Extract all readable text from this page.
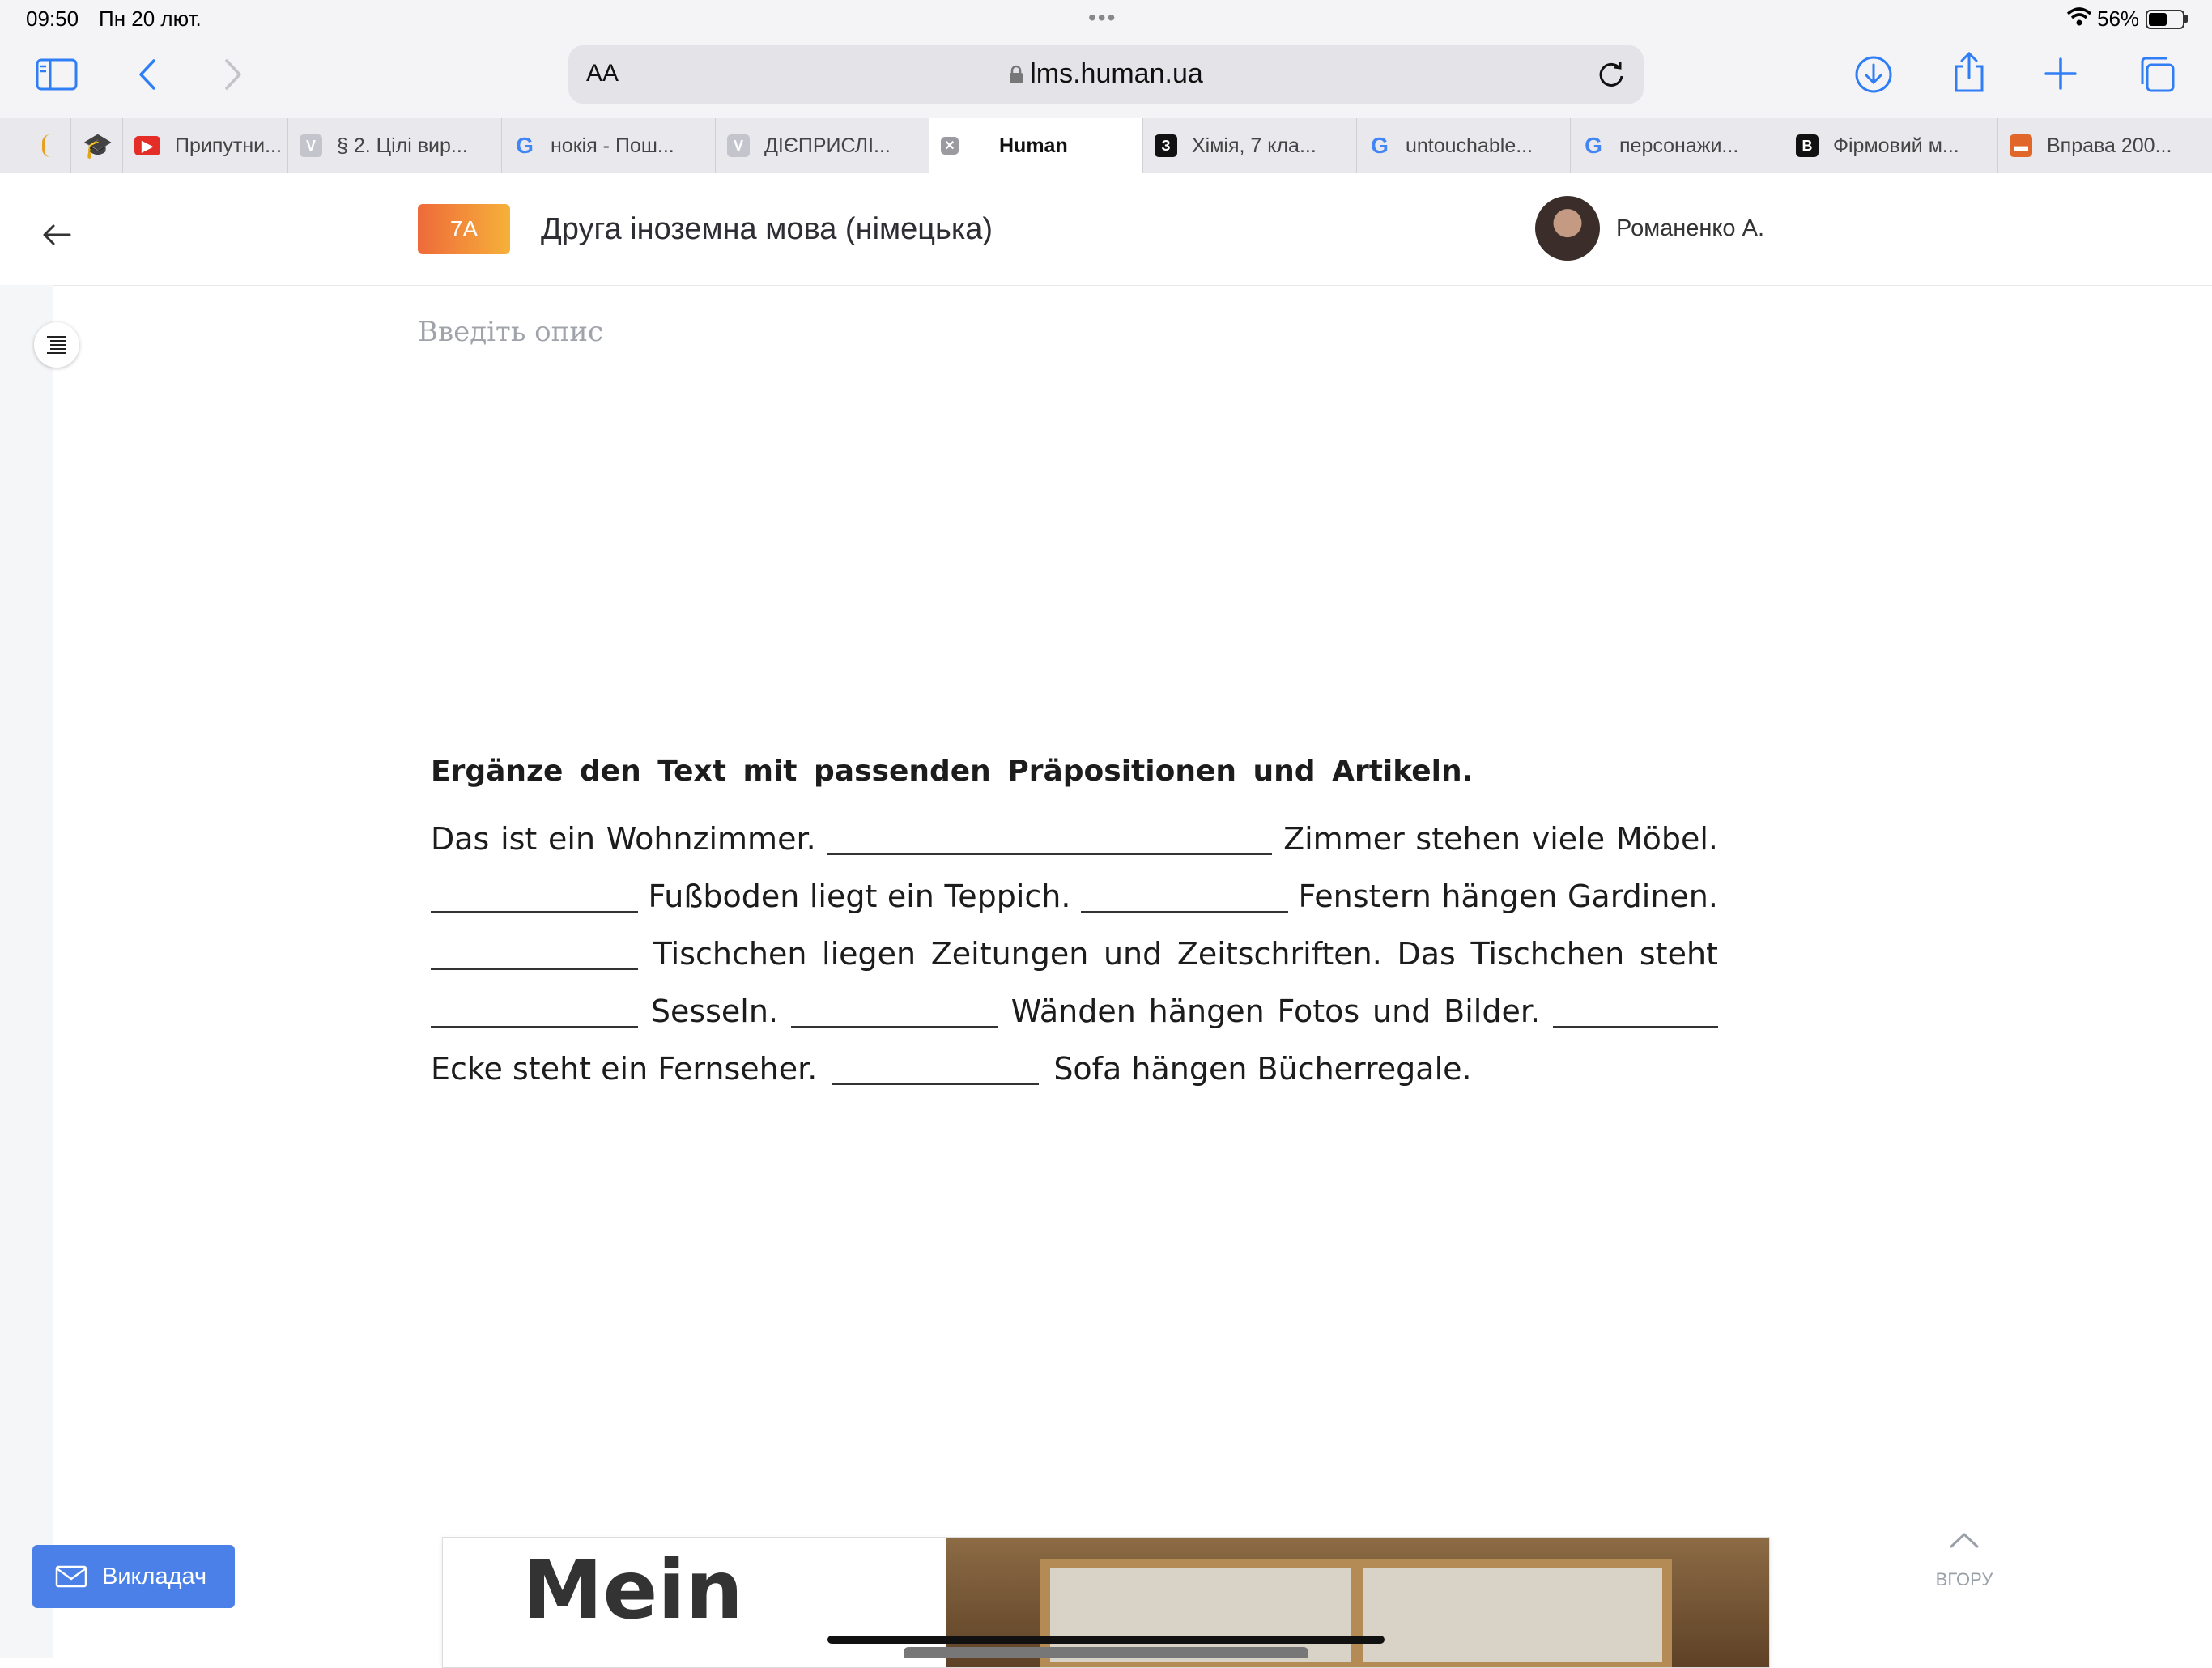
09:50 Пн 20 лют.	•••	56%
AA	lms.human.ua
🎓	▶	Припутни...	V	§ 2. Цілі вир... G нокія - Пош...	V	ДІЄПРИСЛІ...	✕ Human	З	Хімія, 7 кла... G untouchable... G персонажи...	B	Фірмовий м...	▬ Вправа 200...
7A	Друга іноземна мова (німецька)	Романенко А.
Введіть опис
Ergänze den Text mit passenden Präpositionen und Artikeln.
Das ist ein Wohnzimmer.	Zimmer stehen viele Möbel.
Fußboden liegt ein Teppich.	Fenstern hängen Gardinen.
Tischchen liegen Zeitungen und Zeitschriften. Das Tischchen steht
Sesseln.	Wänden hängen Fotos und Bilder.
Ecke steht ein Fernseher.	Sofa hängen Bücherregale.
Mein
Викладач	ВГОРУ
